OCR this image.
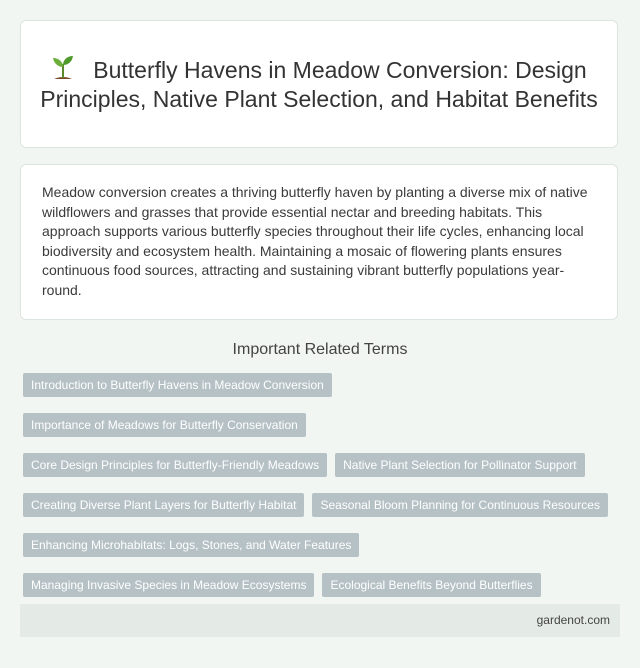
Butterfly Havens in Meadow Conversion: Design Principles, Native Plant Selection, and Habitat Benefits

Meadow conversion creates a thriving butterfly haven by planting a diverse mix of native wildflowers and grasses that provide essential nectar and breeding habitats. This approach supports various butterfly species throughout their life cycles, enhancing local biodiversity and ecosystem health. Maintaining a mosaic of flowering plants ensures continuous food sources, attracting and sustaining vibrant butterfly populations year-round.

Important Related Terms
Introduction to Butterfly Havens in Meadow Conversion
Importance of Meadows for Butterfly Conservation
Core Design Principles for Butterfly-Friendly Meadows	Native Plant Selection for Pollinator Support
Creating Diverse Plant Layers for Butterfly Habitat	Seasonal Bloom Planning for Continuous Resources
Enhancing Microhabitats: Logs, Stones, and Water Features
Managing Invasive Species in Meadow Ecosystems	Ecological Benefits Beyond Butterflies
gardenot.com
